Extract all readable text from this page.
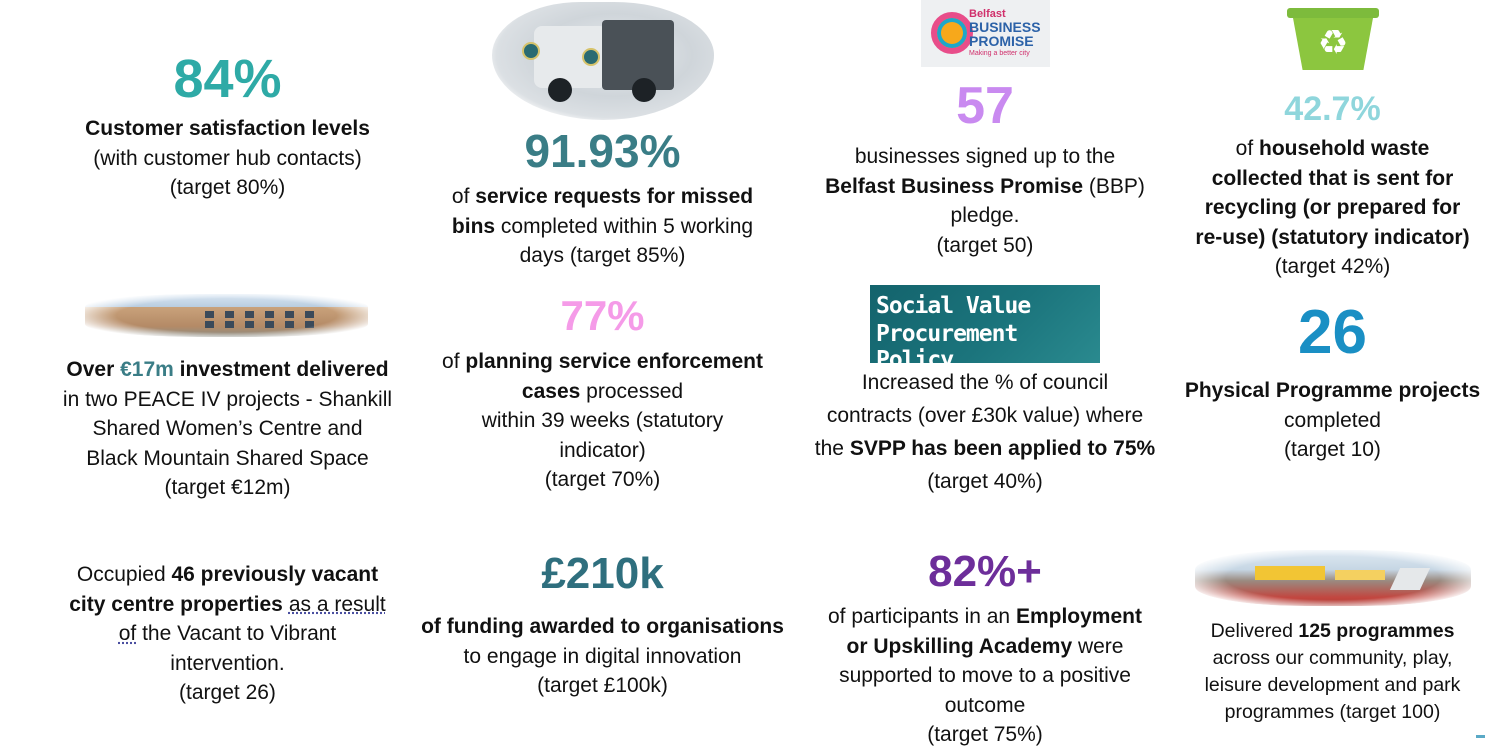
84%
Customer satisfaction levels
(with customer hub contacts)
(target 80%)
91.93%
of service requests for missed
bins completed within 5 working
days (target 85%)
Belfast
BUSINESS
PROMISE
Making a better city
57
businesses signed up to the
Belfast Business Promise (BBP)
pledge.
(target 50)
♻
42.7%
of household waste
collected that is sent for
recycling (or prepared for
re-use) (statutory indicator)
(target 42%)
Over €17m investment delivered
in two PEACE IV projects - Shankill
Shared Women’s Centre and
Black Mountain Shared Space
(target €12m)
77%
of planning service enforcement
cases processed
within 39 weeks (statutory
indicator)
(target 70%)
Social Value
Procurement Policy
Increased the % of council
contracts (over £30k value) where
the SVPP has been applied to 75%
(target 40%)
26
Physical Programme projects
completed
(target 10)
Occupied 46 previously vacant
city centre properties as a result
of the Vacant to Vibrant
intervention.
(target 26)
£210k
of funding awarded to organisations
to engage in digital innovation
(target £100k)
82%+
of participants in an Employment
or Upskilling Academy were
supported to move to a positive
outcome
(target 75%)
Delivered 125 programmes
across our community, play,
leisure development and park
programmes (target 100)
